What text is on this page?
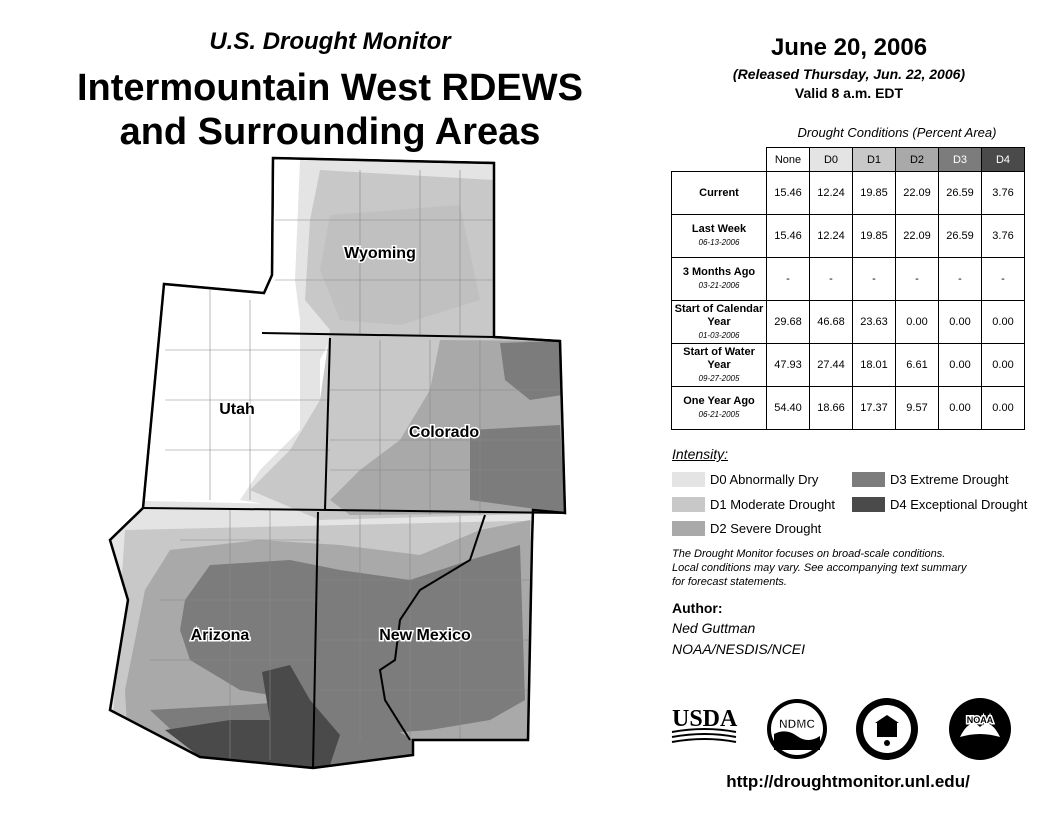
U.S. Drought Monitor
Intermountain West RDEWS
and Surrounding Areas
Wyoming
Utah
Colorado
Arizona	New Mexico
June 20, 2006
(Released Thursday, Jun. 22, 2006)
Valid 8 a.m. EDT
Drought Conditions (Percent Area)
	None	D0	D1	D2	D3	D4
Current	15.46	12.24	19.85	22.09	26.59	3.76
Last Week
06-13-2006	15.46	12.24	19.85	22.09	26.59	3.76
3 Months Ago
03-21-2006	-	-	-	-	-	-
Start of Calendar Year
01-03-2006	29.68	46.68	23.63	0.00	0.00	0.00
Start of Water Year
09-27-2005	47.93	27.44	18.01	6.61	0.00	0.00
One Year Ago
06-21-2005	54.40	18.66	17.37	9.57	0.00	0.00
Intensity:
D0 Abnormally Dry
D1 Moderate Drought
D2 Severe Drought
D3 Extreme Drought
D4 Exceptional Drought
The Drought Monitor focuses on broad-scale conditions.
Local conditions may vary. See accompanying text summary
for forecast statements.
Author:
Ned Guttman
NOAA/NESDIS/NCEI
USDA	NDMC	NOAA
http://droughtmonitor.unl.edu/
